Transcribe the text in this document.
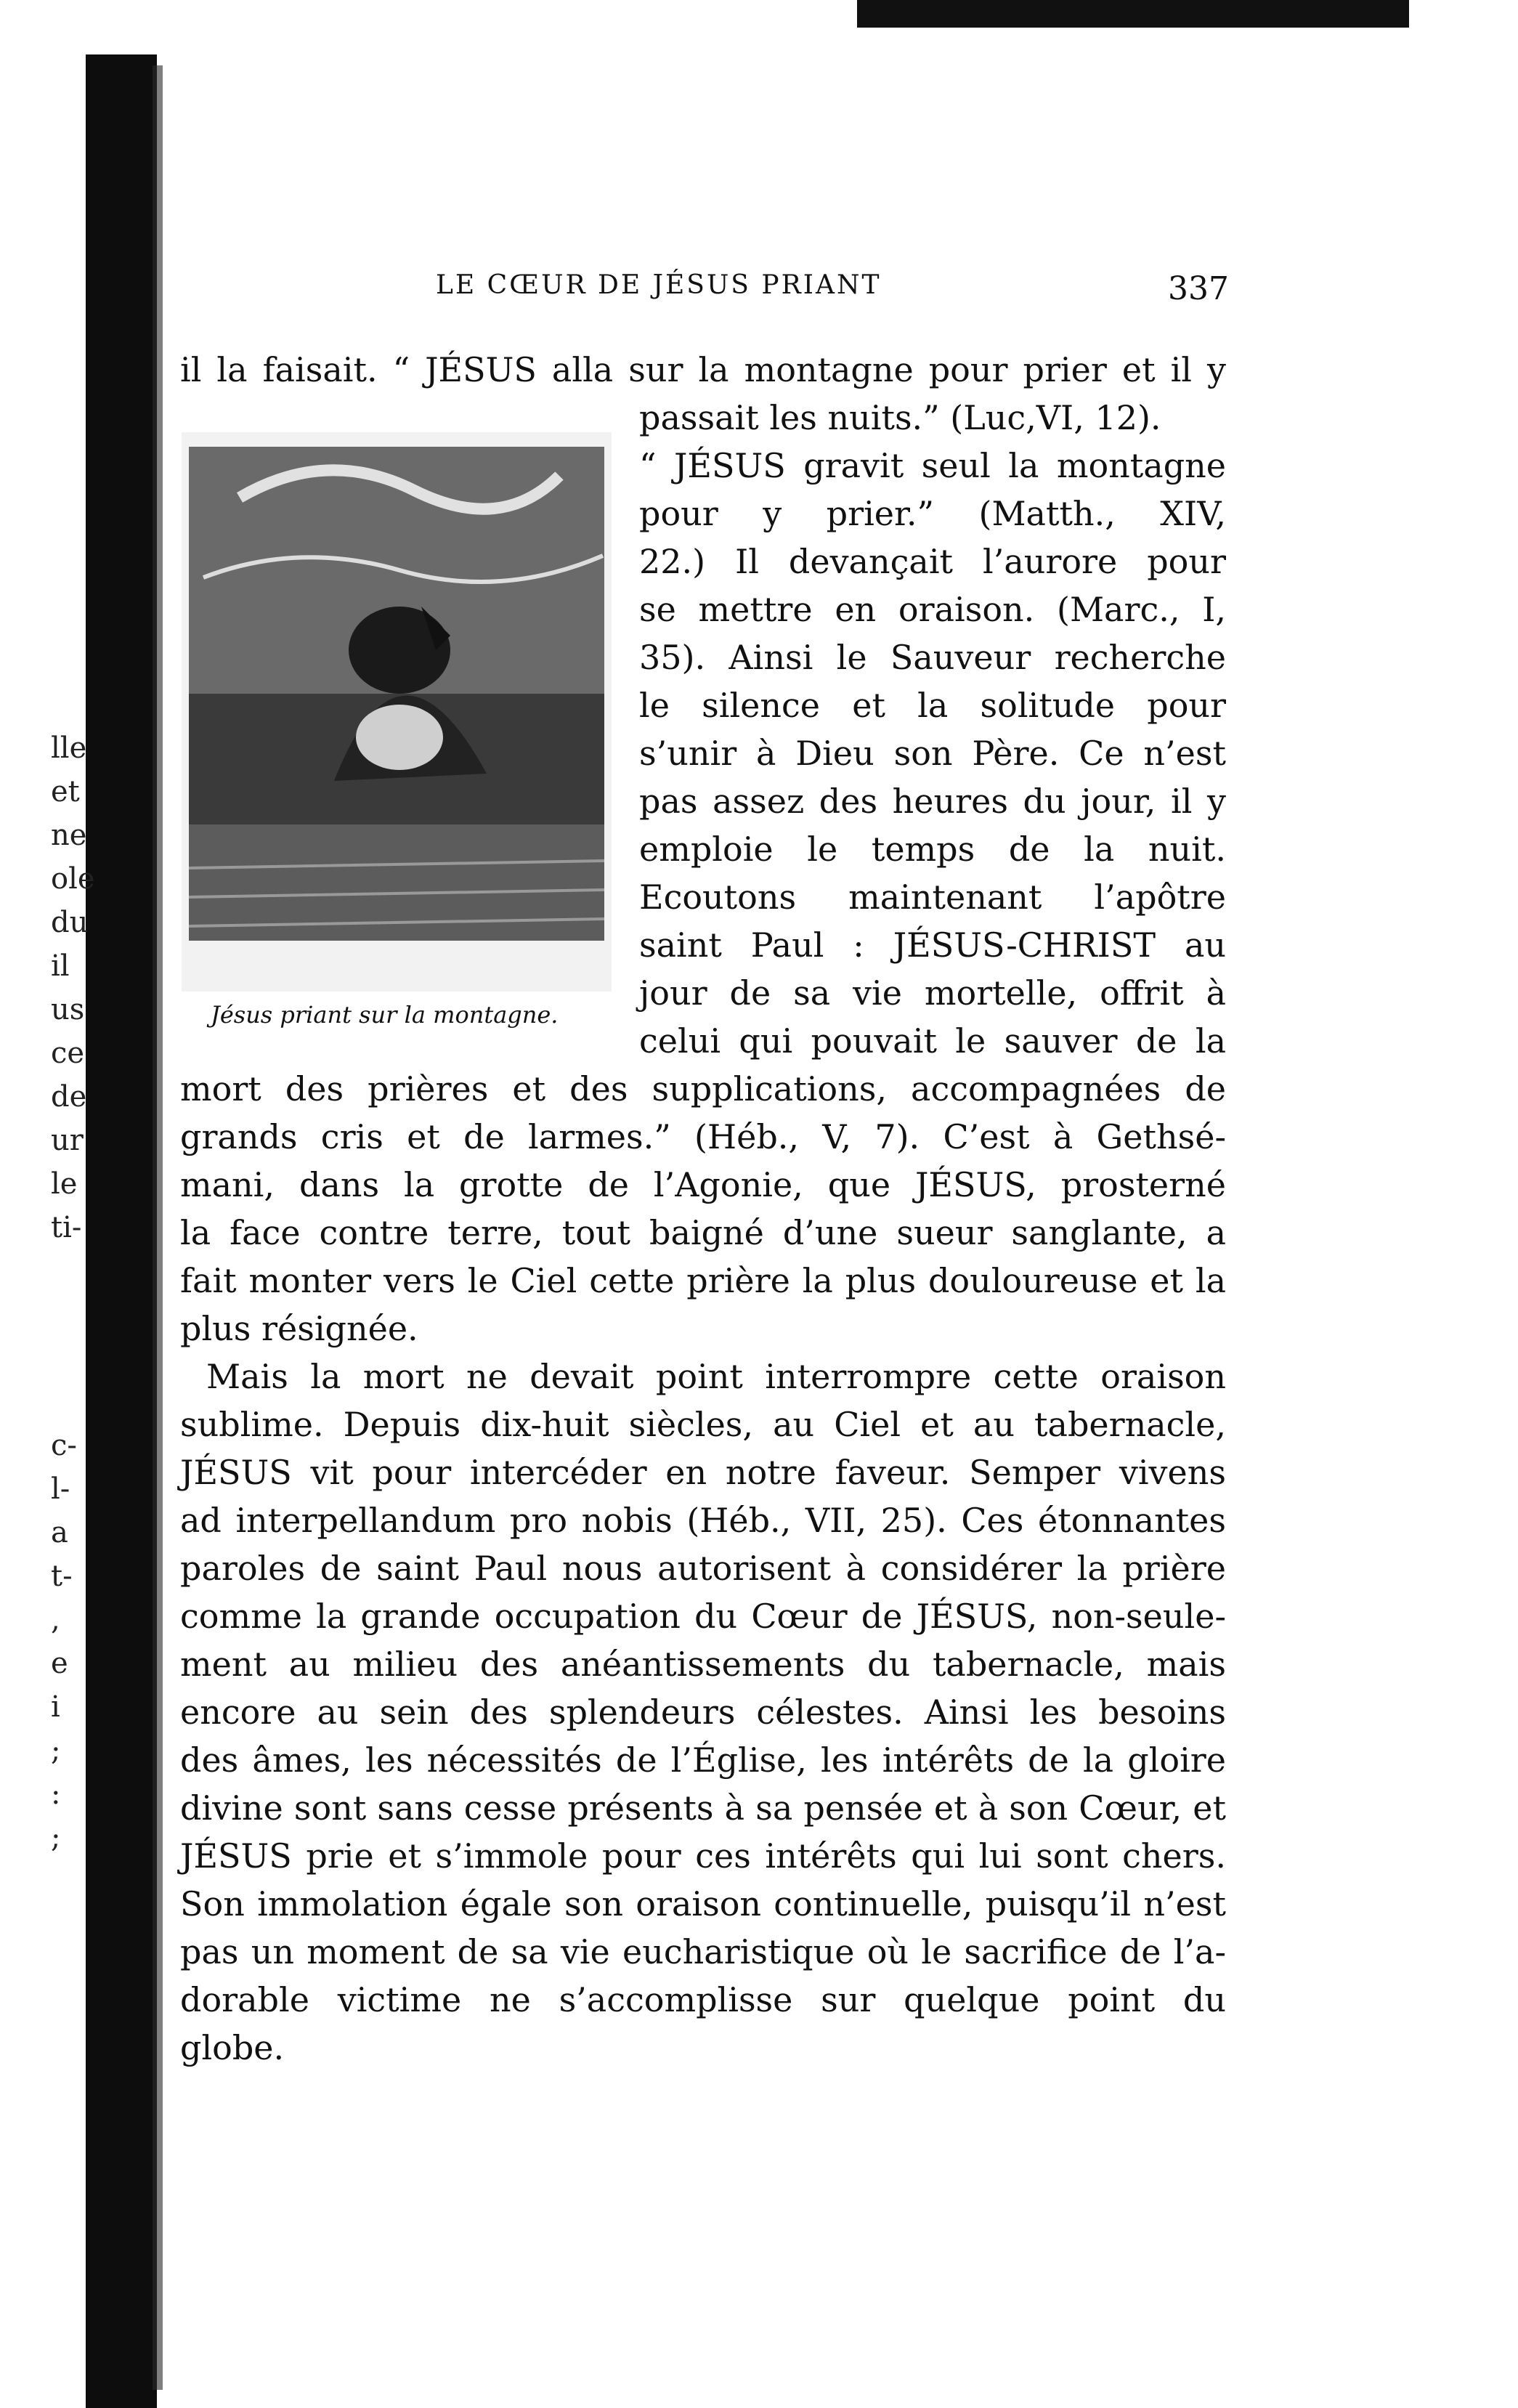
lle
et
ne
ole
du
il
us
ce
de
ur
le
ti-
c-
l-
a
t-
,
e
i
;
:
;
LE CŒUR DE JÉSUS PRIANT	337
il la faisait. “ JÉSUS alla sur la montagne pour prier et il y
Jésus priant sur la montagne.
passait les nuits.” (Luc,VI, 12).
“ JÉSUS gravit seul la montagne
pour y prier.” (Matth., XIV,
22.) Il devançait l’aurore pour
se mettre en oraison. (Marc., I,
35). Ainsi le Sauveur recherche
le silence et la solitude pour
s’unir à Dieu son Père. Ce n’est
pas assez des heures du jour, il y
emploie le temps de la nuit.
Ecoutons maintenant l’apôtre
saint Paul : JÉSUS-CHRIST au
jour de sa vie mortelle, offrit à
celui qui pouvait le sauver de la
mort des prières et des supplications, accompagnées de
grands cris et de larmes.” (Héb., V, 7). C’est à Gethsé-
mani, dans la grotte de l’Agonie, que JÉSUS, prosterné
la face contre terre, tout baigné d’une sueur sanglante, a
fait monter vers le Ciel cette prière la plus douloureuse et la
plus résignée.
Mais la mort ne devait point interrompre cette oraison
sublime. Depuis dix-huit siècles, au Ciel et au tabernacle,
JÉSUS vit pour intercéder en notre faveur. Semper vivens
ad interpellandum pro nobis (Héb., VII, 25). Ces étonnantes
paroles de saint Paul nous autorisent à considérer la prière
comme la grande occupation du Cœur de JÉSUS, non-seule-
ment au milieu des anéantissements du tabernacle, mais
encore au sein des splendeurs célestes. Ainsi les besoins
des âmes, les nécessités de l’Église, les intérêts de la gloire
divine sont sans cesse présents à sa pensée et à son Cœur, et
JÉSUS prie et s’immole pour ces intérêts qui lui sont chers.
Son immolation égale son oraison continuelle, puisqu’il n’est
pas un moment de sa vie eucharistique où le sacrifice de l’a-
dorable victime ne s’accomplisse sur quelque point du
globe.
